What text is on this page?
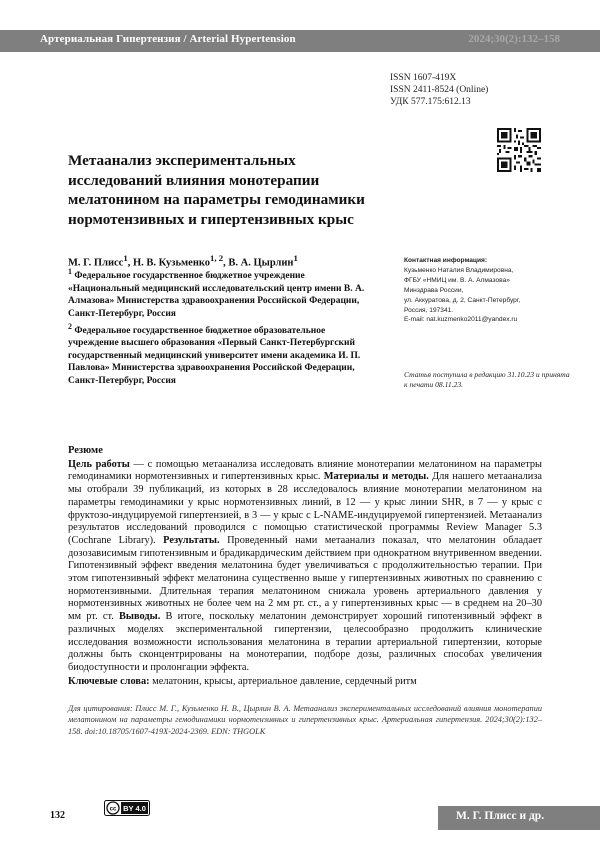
Артериальная Гипертензия / Arterial Hypertension	2024;30(2):132–158
ISSN 1607-419X
ISSN 2411-8524 (Online)
УДК 577.175:612.13
Метаанализ экспериментальных исследований влияния монотерапии мелатонином на параметры гемодинамики нормотензивных и гипертензивных крыс
М. Г. Плисс$^1$, Н. В. Кузьменко$^{1, 2}$, В. А. Цырлин$^1$

$^1$ Федеральное государственное бюджетное учреждение «Национальный медицинский исследовательский центр имени В. А. Алмазова» Министерства здравоохранения Российской Федерации, Санкт-Петербург, Россия

$^2$ Федеральное государственное бюджетное образовательное учреждение высшего образования «Первый Санкт-Петербургский государственный медицинский университет имени академика И. П. Павлова» Министерства здравоохранения Российской Федерации, Санкт-Петербург, Россия

Контактная информация:
Кузьменко Наталия Владимировна,
ФГБУ «НМИЦ им. В. А. Алмазова»
Минздрава России,
ул. Аккуратова, д. 2, Санкт-Петербург,
Россия, 197341.
E-mail: nat.kuzmenko2011@yandex.ru
Статья поступила в редакцию 31.10.23 и принята к печати 08.11.23.
Резюме
Цель работы — с помощью метаанализа исследовать влияние монотерапии мелатонином на параметры гемодинамики нормотензивных и гипертензивных крыс. Материалы и методы. Для нашего метаанализа мы отобрали 39 публикаций, из которых в 28 исследовалось влияние монотерапии мелатонином на параметры гемодинамики у крыс нормотензивных линий, в 12 — у крыс линии SHR, в 7 — у крыс с фруктозо-индуцируемой гипертензией, в 3 — у крыс с L-NAME-индуцируемой гипертензией. Метаанализ результатов исследований проводился с помощью статистической программы Review Manager 5.3 (Cochrane Library). Результаты. Проведенный нами метаанализ показал, что мелатонин обладает дозозависимым гипотензивным и брадикардическим действием при однократном внутривенном введении. Гипотензивный эффект введения мелатонина будет увеличиваться с продолжительностью терапии. При этом гипотензивный эффект мелатонина существенно выше у гипертензивных животных по сравнению с нормотензивными. Длительная терапия мелатонином снижала уровень артериального давления у нормотензивных животных не более чем на 2 мм рт. ст., а у гипертензивных крыс — в среднем на 20–30 мм рт. ст. Выводы. В итоге, поскольку мелатонин демонстрирует хороший гипотензивный эффект в различных моделях экспериментальной гипертензии, целесообразно продолжить клинические исследования возможности использования мелатонина в терапии артериальной гипертензии, которые должны быть сконцентрированы на монотерапии, подборе дозы, различных способах увеличения биодоступности и пролонгации эффекта.
Ключевые слова: мелатонин, крысы, артериальное давление, сердечный ритм
Для цитирования: Плисс М. Г., Кузьменко Н. В., Цырлин В. А. Метаанализ экспериментальных исследований влияния монотерапии мелатонином на параметры гемодинамики нормотензивных и гипертензивных крыс. Артериальная гипертензия. 2024;30(2):132–158. doi:10.18705/1607-419X-2024-2369. EDN: THGOLK
132
cc BY 4.0
М. Г. Плисс и др.
